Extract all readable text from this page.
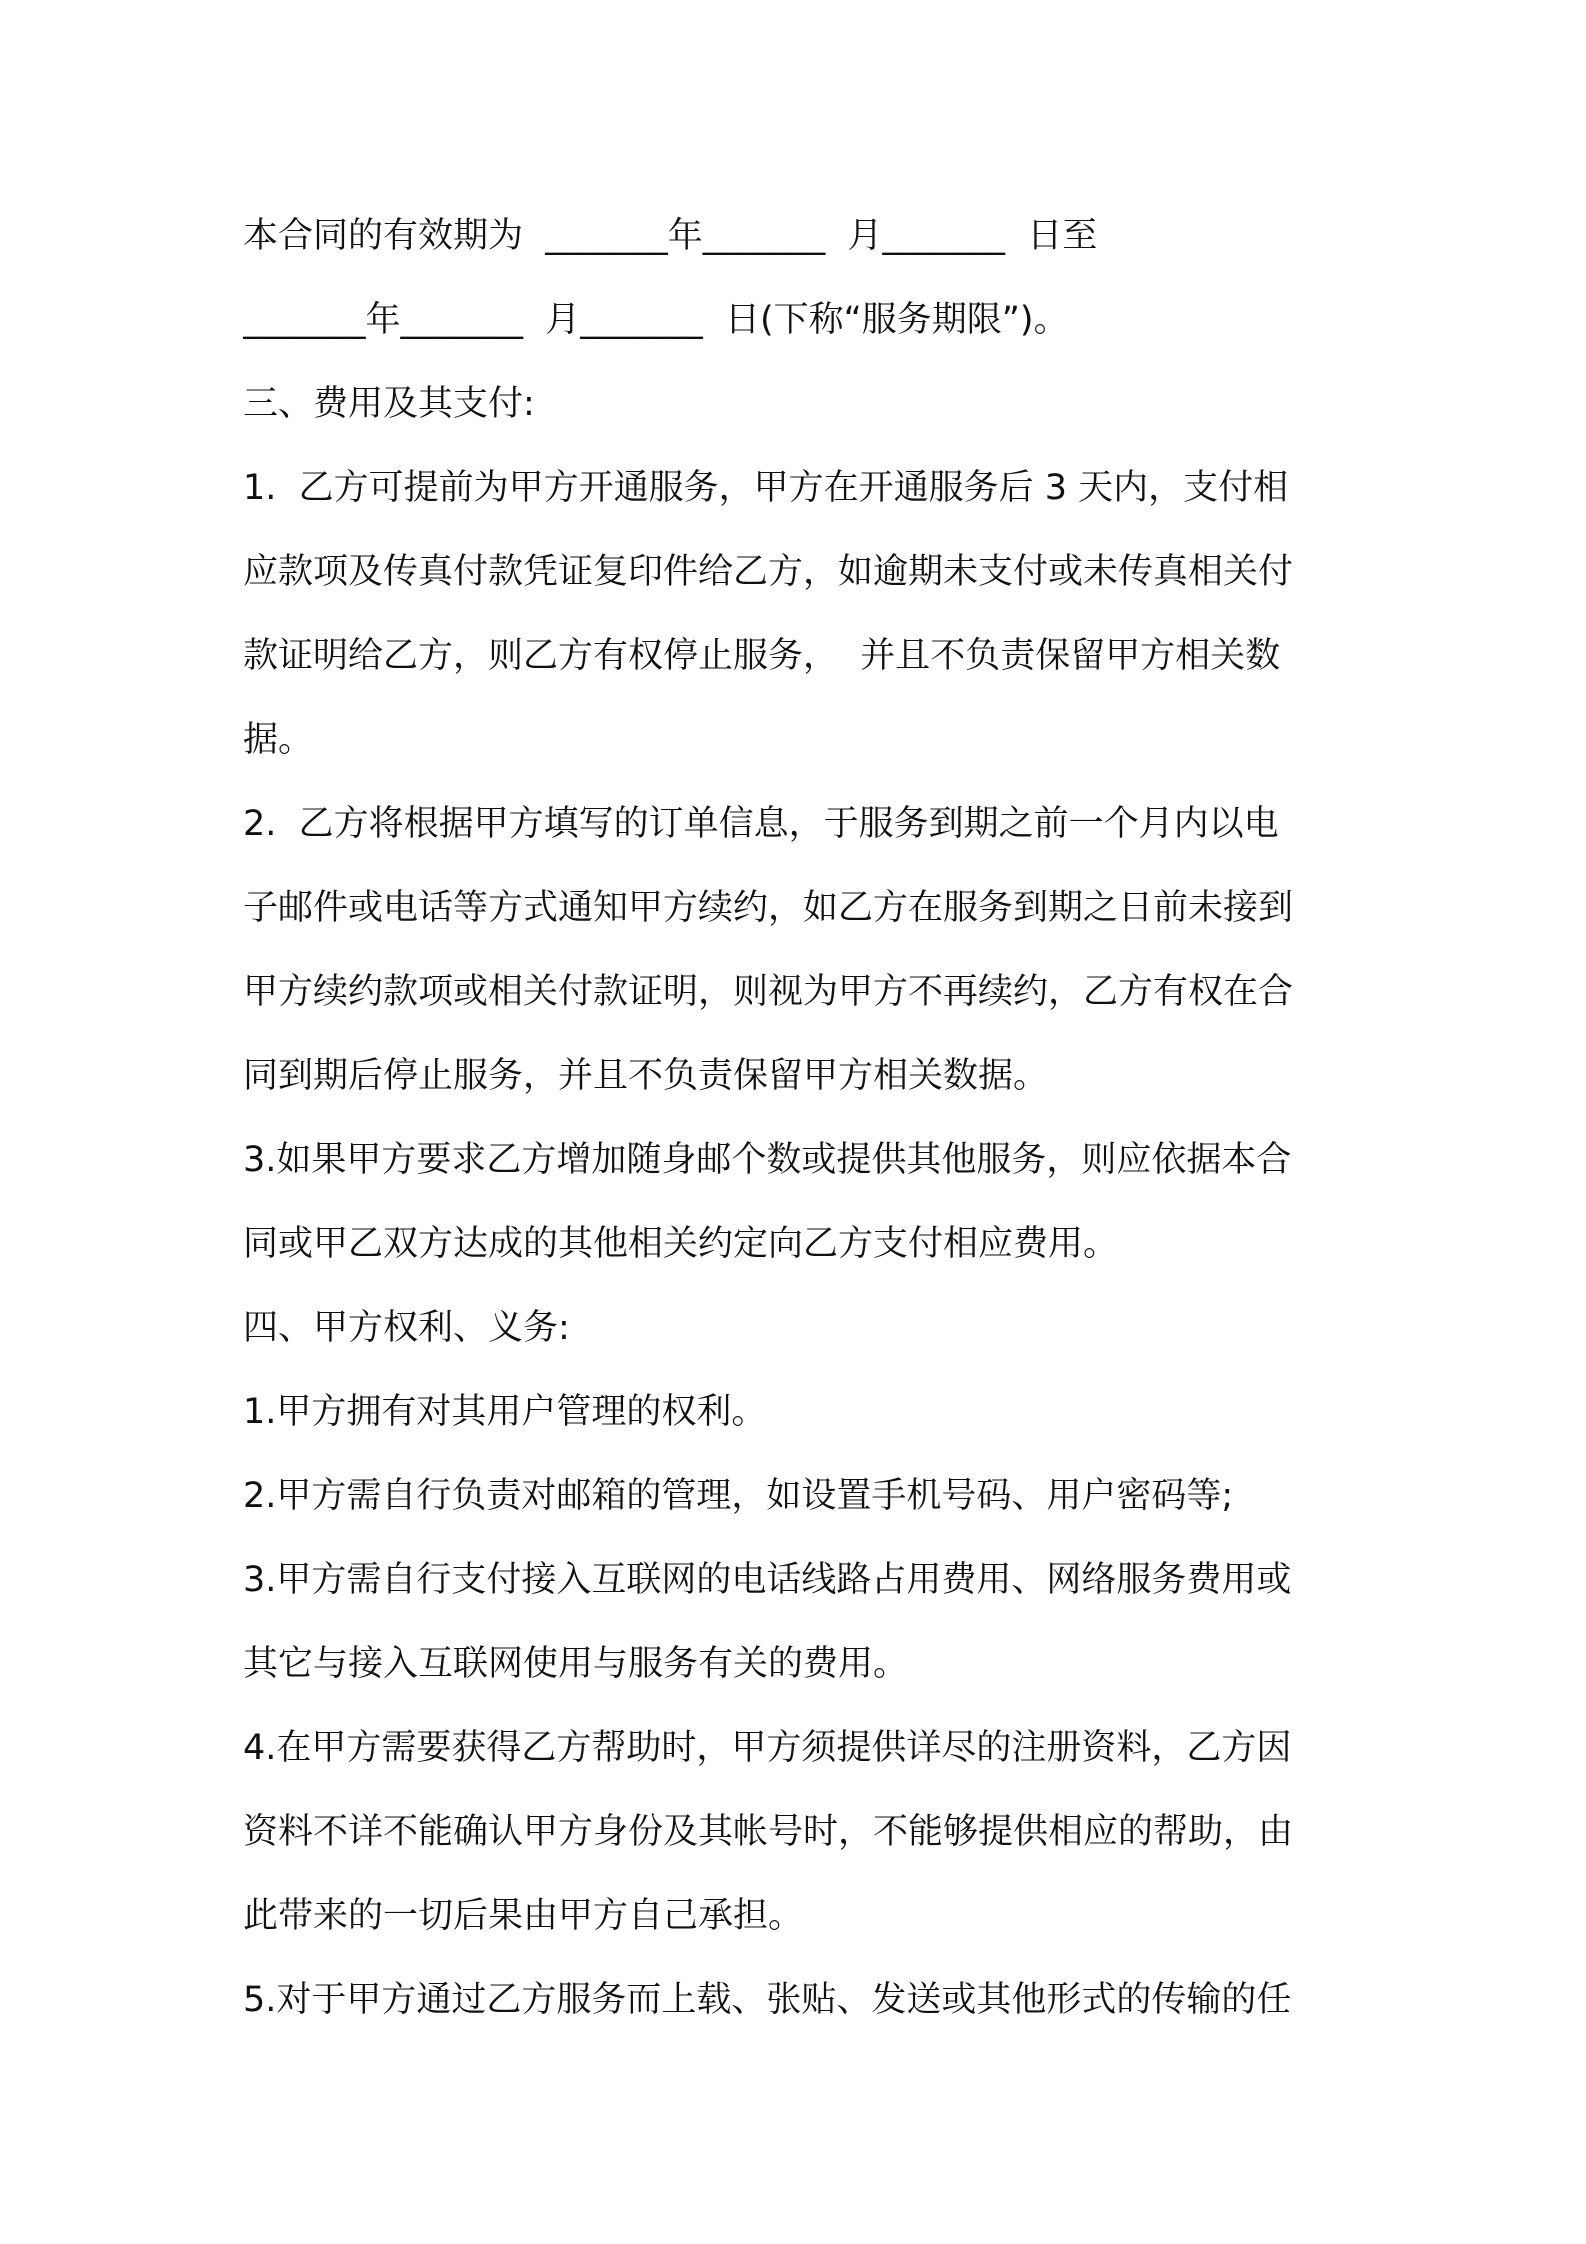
本合同的有效期为  _______年_______  月_______  日至
_______年_______  月_______  日(下称“服务期限”)。
三、费用及其支付:
1.  乙方可提前为甲方开通服务，甲方在开通服务后 3 天内，支付相
应款项及传真付款凭证复印件给乙方，如逾期未支付或未传真相关付
款证明给乙方，则乙方有权停止服务，  并且不负责保留甲方相关数
据。
2.  乙方将根据甲方填写的订单信息，于服务到期之前一个月内以电
子邮件或电话等方式通知甲方续约，如乙方在服务到期之日前未接到
甲方续约款项或相关付款证明，则视为甲方不再续约，乙方有权在合
同到期后停止服务，并且不负责保留甲方相关数据。
3.如果甲方要求乙方增加随身邮个数或提供其他服务，则应依据本合
同或甲乙双方达成的其他相关约定向乙方支付相应费用。
四、甲方权利、义务:
1.甲方拥有对其用户管理的权利。
2.甲方需自行负责对邮箱的管理，如设置手机号码、用户密码等;
3.甲方需自行支付接入互联网的电话线路占用费用、网络服务费用或
其它与接入互联网使用与服务有关的费用。
4.在甲方需要获得乙方帮助时，甲方须提供详尽的注册资料，乙方因
资料不详不能确认甲方身份及其帐号时，不能够提供相应的帮助，由
此带来的一切后果由甲方自己承担。
5.对于甲方通过乙方服务而上载、张贴、发送或其他形式的传输的任
